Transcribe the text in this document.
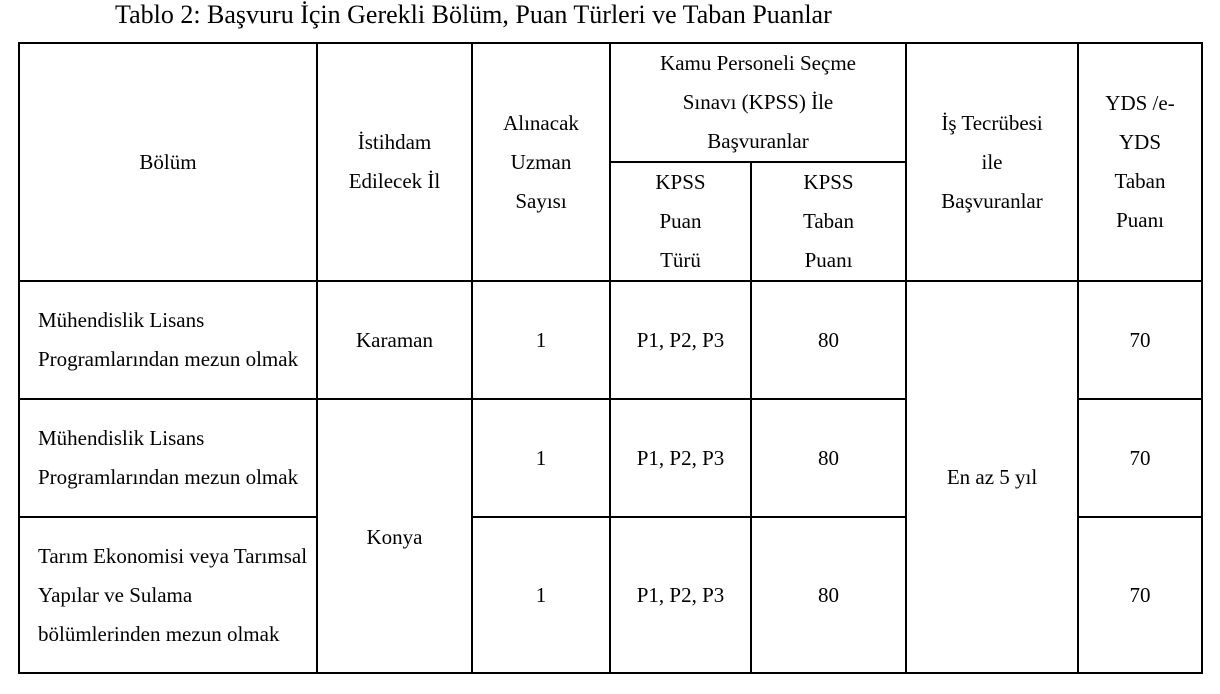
Tablo 2: Başvuru İçin Gerekli Bölüm, Puan Türleri ve Taban Puanlar
Bölüm	İstihdam Edilecek İl	Alınacak Uzman Sayısı	Kamu Personeli Seçme Sınavı (KPSS) İle Başvuranlar		İş Tecrübesi ile Başvuranlar	YDS /e-YDS Taban Puanı

			KPSS Puan Türü	KPSS Taban Puanı		

Mühendislik Lisans Programlarından mezun olmak	Karaman	1	P1, P2, P3	80	En az 5 yıl	70
Mühendislik Lisans Programlarından mezun olmak	Konya	1	P1, P2, P3	80		70
Tarım Ekonomisi veya Tarımsal Yapılar ve Sulama bölümlerinden mezun olmak		1	P1, P2, P3	80		70
